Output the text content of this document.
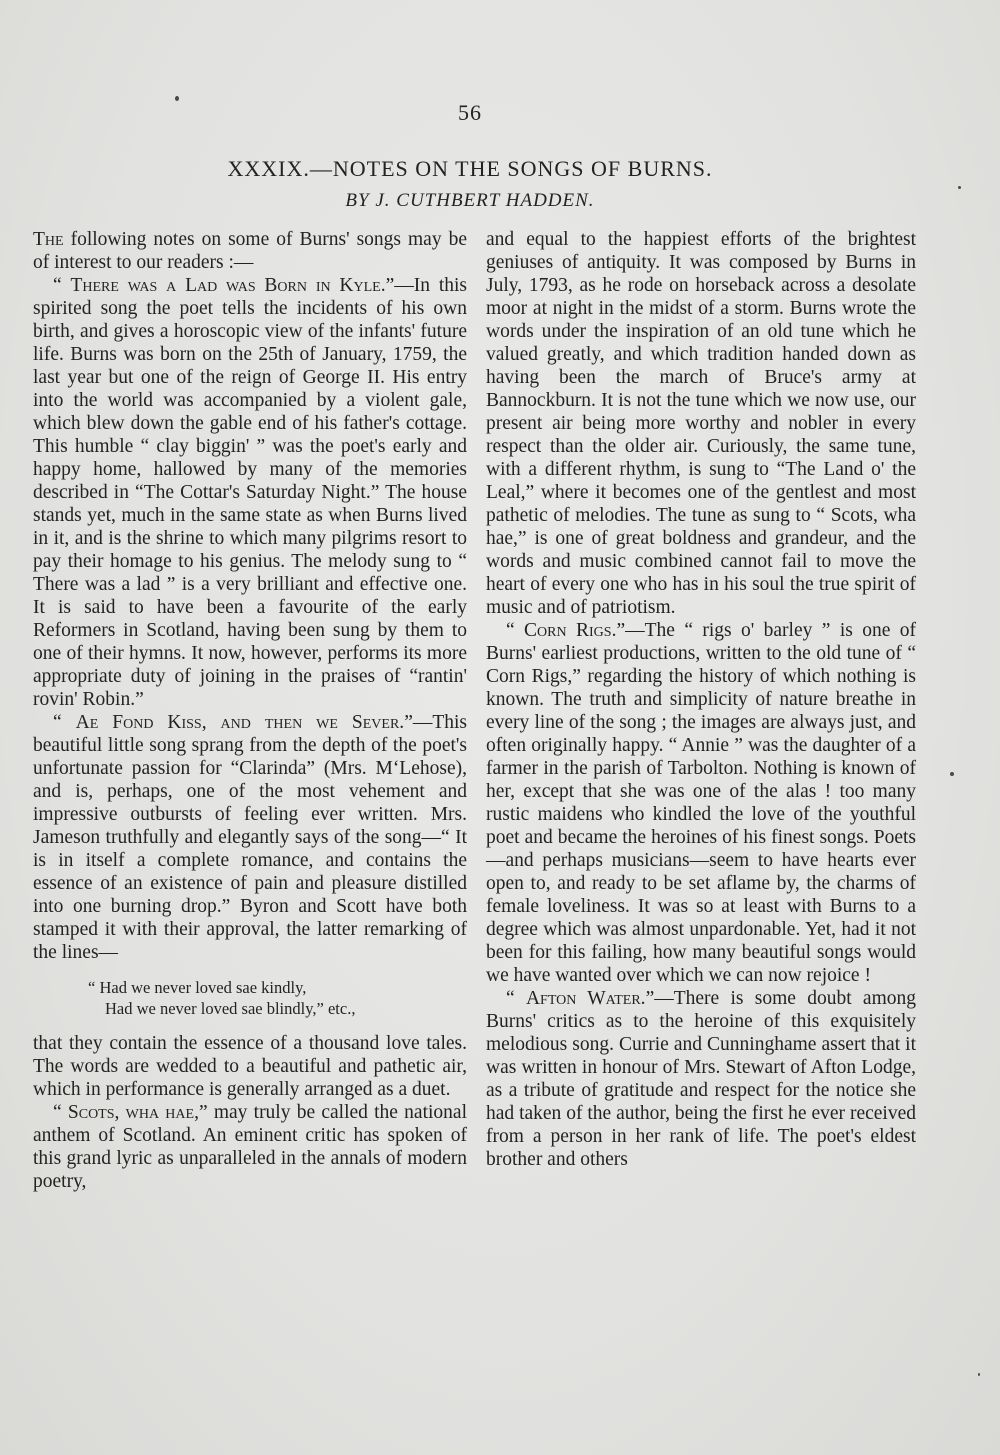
56
XXXIX.—NOTES ON THE SONGS OF BURNS.
BY J. CUTHBERT HADDEN.

The following notes on some of Burns' songs may be of interest to our readers :—

“ There was a Lad was Born in Kyle.”—In this spirited song the poet tells the incidents of his own birth, and gives a horoscopic view of the infants' future life. Burns was born on the 25th of January, 1759, the last year but one of the reign of George II. His entry into the world was accompanied by a violent gale, which blew down the gable end of his father's cottage. This humble “ clay biggin' ” was the poet's early and happy home, hallowed by many of the memories described in “The Cottar's Saturday Night.” The house stands yet, much in the same state as when Burns lived in it, and is the shrine to which many pilgrims resort to pay their homage to his genius. The melody sung to “ There was a lad ” is a very brilliant and effective one. It is said to have been a favourite of the early Reformers in Scotland, having been sung by them to one of their hymns. It now, however, performs its more appropriate duty of joining in the praises of “rantin' rovin' Robin.”

“ Ae Fond Kiss, and then we Sever.”—This beautiful little song sprang from the depth of the poet's unfortunate passion for “Clarinda” (Mrs. M‘Lehose), and is, perhaps, one of the most vehement and impressive outbursts of feeling ever written. Mrs. Jameson truthfully and elegantly says of the song—“ It is in itself a complete romance, and contains the essence of an existence of pain and pleasure distilled into one burning drop.” Byron and Scott have both stamped it with their approval, the latter remarking of the lines—

“ Had we never loved sae kindly,
Had we never loved sae blindly,” etc.,

that they contain the essence of a thousand love tales. The words are wedded to a beautiful and pathetic air, which in performance is generally arranged as a duet.

“ Scots, wha hae,” may truly be called the national anthem of Scotland. An eminent critic has spoken of this grand lyric as unparalleled in the annals of modern poetry,

and equal to the happiest efforts of the brightest geniuses of antiquity. It was composed by Burns in July, 1793, as he rode on horseback across a desolate moor at night in the midst of a storm. Burns wrote the words under the inspiration of an old tune which he valued greatly, and which tradition handed down as having been the march of Bruce's army at Bannockburn. It is not the tune which we now use, our present air being more worthy and nobler in every respect than the older air. Curiously, the same tune, with a different rhythm, is sung to “The Land o' the Leal,” where it becomes one of the gentlest and most pathetic of melodies. The tune as sung to “ Scots, wha hae,” is one of great boldness and grandeur, and the words and music combined cannot fail to move the heart of every one who has in his soul the true spirit of music and of patriotism.

“ Corn Rigs.”—The “ rigs o' barley ” is one of Burns' earliest productions, written to the old tune of “ Corn Rigs,” regarding the history of which nothing is known. The truth and simplicity of nature breathe in every line of the song ; the images are always just, and often originally happy. “ Annie ” was the daughter of a farmer in the parish of Tarbolton. Nothing is known of her, except that she was one of the alas ! too many rustic maidens who kindled the love of the youthful poet and became the heroines of his finest songs. Poets—and perhaps musicians—seem to have hearts ever open to, and ready to be set aflame by, the charms of female loveliness. It was so at least with Burns to a degree which was almost unpardonable. Yet, had it not been for this failing, how many beautiful songs would we have wanted over which we can now rejoice !

“ Afton Water.”—There is some doubt among Burns' critics as to the heroine of this exquisitely melodious song. Currie and Cunninghame assert that it was written in honour of Mrs. Stewart of Afton Lodge, as a tribute of gratitude and respect for the notice she had taken of the author, being the first he ever received from a person in her rank of life. The poet's eldest brother and others
